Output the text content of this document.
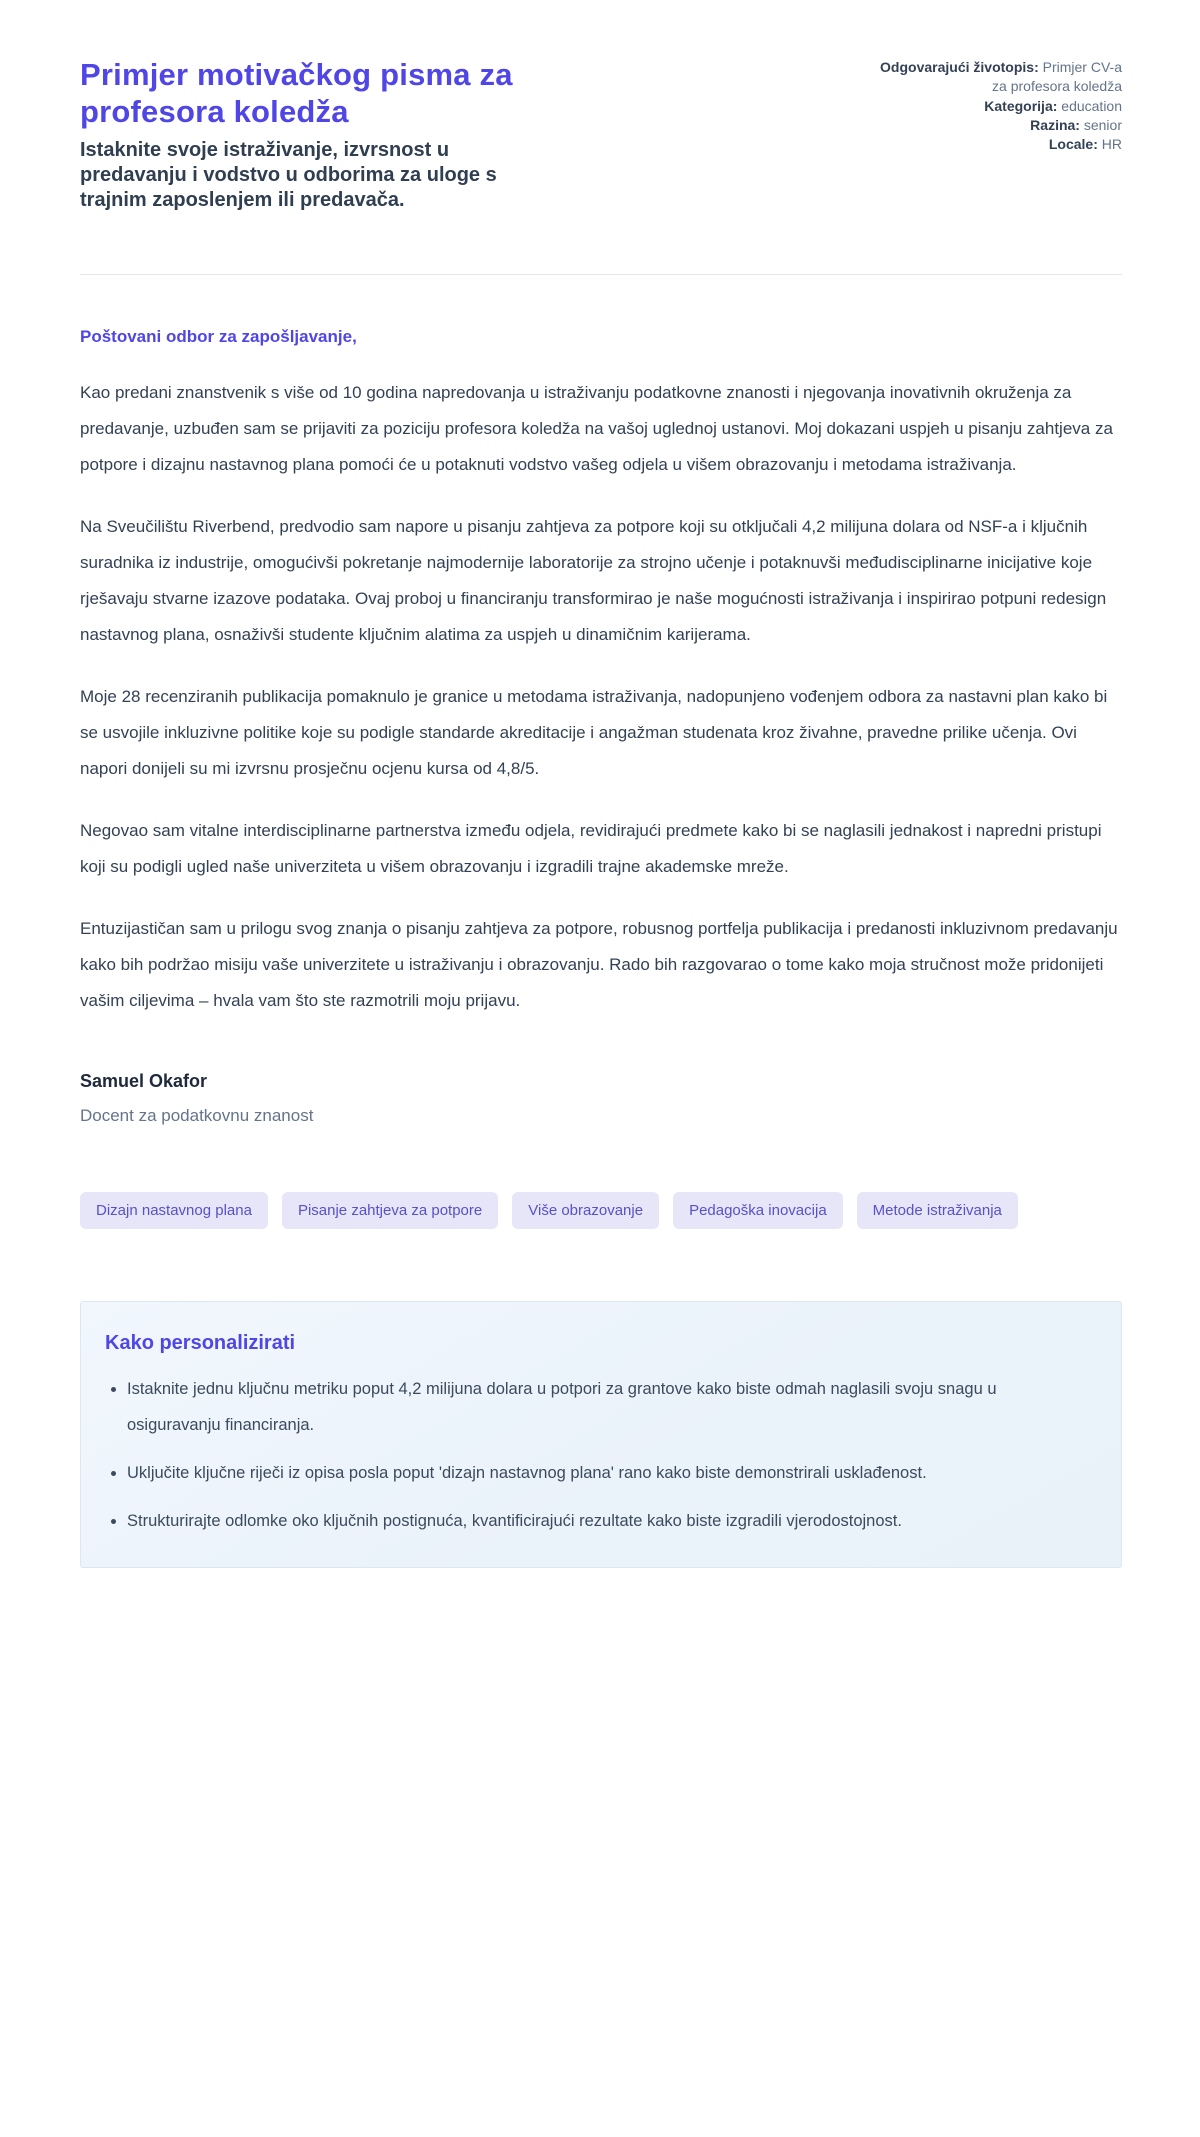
Primjer motivačkog pisma za profesora koledža
Istaknite svoje istraživanje, izvrsnost u predavanju i vodstvo u odborima za uloge s trajnim zaposlenjem ili predavača.
Odgovarajući životopis: Primjer CV-a za profesora koledža
Kategorija: education
Razina: senior
Locale: HR

Poštovani odbor za zapošljavanje,

Kao predani znanstvenik s više od 10 godina napredovanja u istraživanju podatkovne znanosti i njegovanja inovativnih okruženja za predavanje, uzbuđen sam se prijaviti za poziciju profesora koledža na vašoj uglednoj ustanovi. Moj dokazani uspjeh u pisanju zahtjeva za potpore i dizajnu nastavnog plana pomoći će u potaknuti vodstvo vašeg odjela u višem obrazovanju i metodama istraživanja.

Na Sveučilištu Riverbend, predvodio sam napore u pisanju zahtjeva za potpore koji su otključali 4,2 milijuna dolara od NSF-a i ključnih suradnika iz industrije, omogućivši pokretanje najmodernije laboratorije za strojno učenje i potaknuvši međudisciplinarne inicijative koje rješavaju stvarne izazove podataka. Ovaj proboj u financiranju transformirao je naše mogućnosti istraživanja i inspirirao potpuni redesign nastavnog plana, osnaživši studente ključnim alatima za uspjeh u dinamičnim karijerama.

Moje 28 recenziranih publikacija pomaknulo je granice u metodama istraživanja, nadopunjeno vođenjem odbora za nastavni plan kako bi se usvojile inkluzivne politike koje su podigle standarde akreditacije i angažman studenata kroz živahne, pravedne prilike učenja. Ovi napori donijeli su mi izvrsnu prosječnu ocjenu kursa od 4,8/5.

Negovao sam vitalne interdisciplinarne partnerstva između odjela, revidirajući predmete kako bi se naglasili jednakost i napredni pristupi koji su podigli ugled naše univerziteta u višem obrazovanju i izgradili trajne akademske mreže.

Entuzijastičan sam u prilogu svog znanja o pisanju zahtjeva za potpore, robusnog portfelja publikacija i predanosti inkluzivnom predavanju kako bih podržao misiju vaše univerzitete u istraživanju i obrazovanju. Rado bih razgovarao o tome kako moja stručnost može pridonijeti vašim ciljevima – hvala vam što ste razmotrili moju prijavu.

Samuel Okafor
Docent za podatkovnu znanost
Dizajn nastavnog plana	Pisanje zahtjeva za potpore	Više obrazovanje	Pedagoška inovacija	Metode istraživanja
Kako personalizirati
• Istaknite jednu ključnu metriku poput 4,2 milijuna dolara u potpori za grantove kako biste odmah naglasili svoju snagu u osiguravanju financiranja.
• Uključite ključne riječi iz opisa posla poput 'dizajn nastavnog plana' rano kako biste demonstrirali usklađenost.
• Strukturirajte odlomke oko ključnih postignuća, kvantificirajući rezultate kako biste izgradili vjerodostojnost.
